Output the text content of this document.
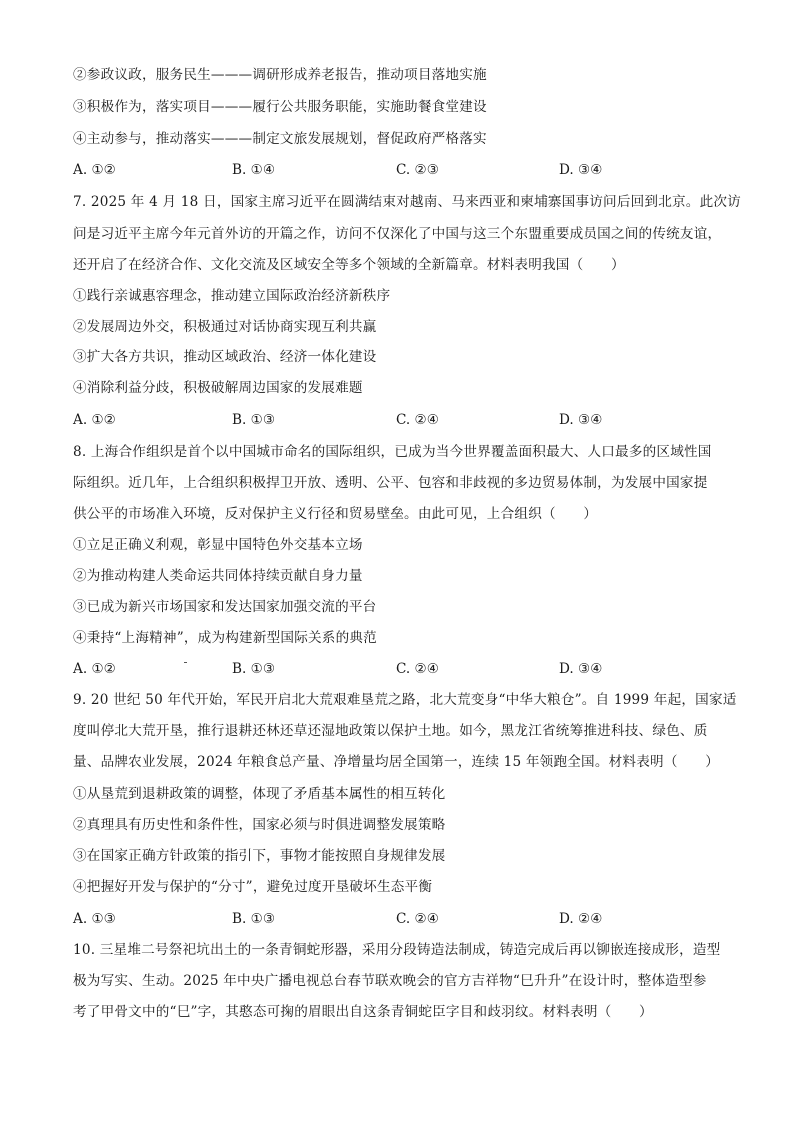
②参政议政，服务民生———调研形成养老报告，推动项目落地实施
③积极作为，落实项目———履行公共服务职能，实施助餐食堂建设
④主动参与，推动落实———制定文旅发展规划，督促政府严格落实
A. ①②	B. ①④	C. ②③	D. ③④
7. 2025 年 4 月 18 日，国家主席习近平在圆满结束对越南、马来西亚和柬埔寨国事访问后回到北京。此次访
问是习近平主席今年元首外访的开篇之作，访问不仅深化了中国与这三个东盟重要成员国之间的传统友谊，
还开启了在经济合作、文化交流及区域安全等多个领域的全新篇章。材料表明我国（　　）
①践行亲诚惠容理念，推动建立国际政治经济新秩序
②发展周边外交，积极通过对话协商实现互利共赢
③扩大各方共识，推动区域政治、经济一体化建设
④消除利益分歧，积极破解周边国家的发展难题
A. ①②	B. ①③	C. ②④	D. ③④
8. 上海合作组织是首个以中国城市命名的国际组织，已成为当今世界覆盖面积最大、人口最多的区域性国
际组织。近几年，上合组织积极捍卫开放、透明、公平、包容和非歧视的多边贸易体制，为发展中国家提
供公平的市场准入环境，反对保护主义行径和贸易壁垒。由此可见，上合组织（　　）
①立足正确义利观，彰显中国特色外交基本立场
②为推动构建人类命运共同体持续贡献自身力量
③已成为新兴市场国家和发达国家加强交流的平台
④秉持“上海精神”，成为构建新型国际关系的典范
A. ①②	B. ①③	C. ②④	D. ③④
9. 20 世纪 50 年代开始，军民开启北大荒艰难垦荒之路，北大荒变身“中华大粮仓”。自 1999 年起，国家适
度叫停北大荒开垦，推行退耕还林还草还湿地政策以保护土地。如今，黑龙江省统筹推进科技、绿色、质
量、品牌农业发展，2024 年粮食总产量、净增量均居全国第一，连续 15 年领跑全国。材料表明（　　）
①从垦荒到退耕政策的调整，体现了矛盾基本属性的相互转化
②真理具有历史性和条件性，国家必须与时俱进调整发展策略
③在国家正确方针政策的指引下，事物才能按照自身规律发展
④把握好开发与保护的“分寸”，避免过度开垦破坏生态平衡
A. ①③	B. ①③	C. ②④	D. ②④
10. 三星堆二号祭祀坑出土的一条青铜蛇形器，采用分段铸造法制成，铸造完成后再以铆嵌连接成形，造型
极为写实、生动。2025 年中央广播电视总台春节联欢晚会的官方吉祥物“巳升升”在设计时，整体造型参
考了甲骨文中的“巳”字，其憨态可掬的眉眼出自这条青铜蛇臣字目和歧羽纹。材料表明（　　）
